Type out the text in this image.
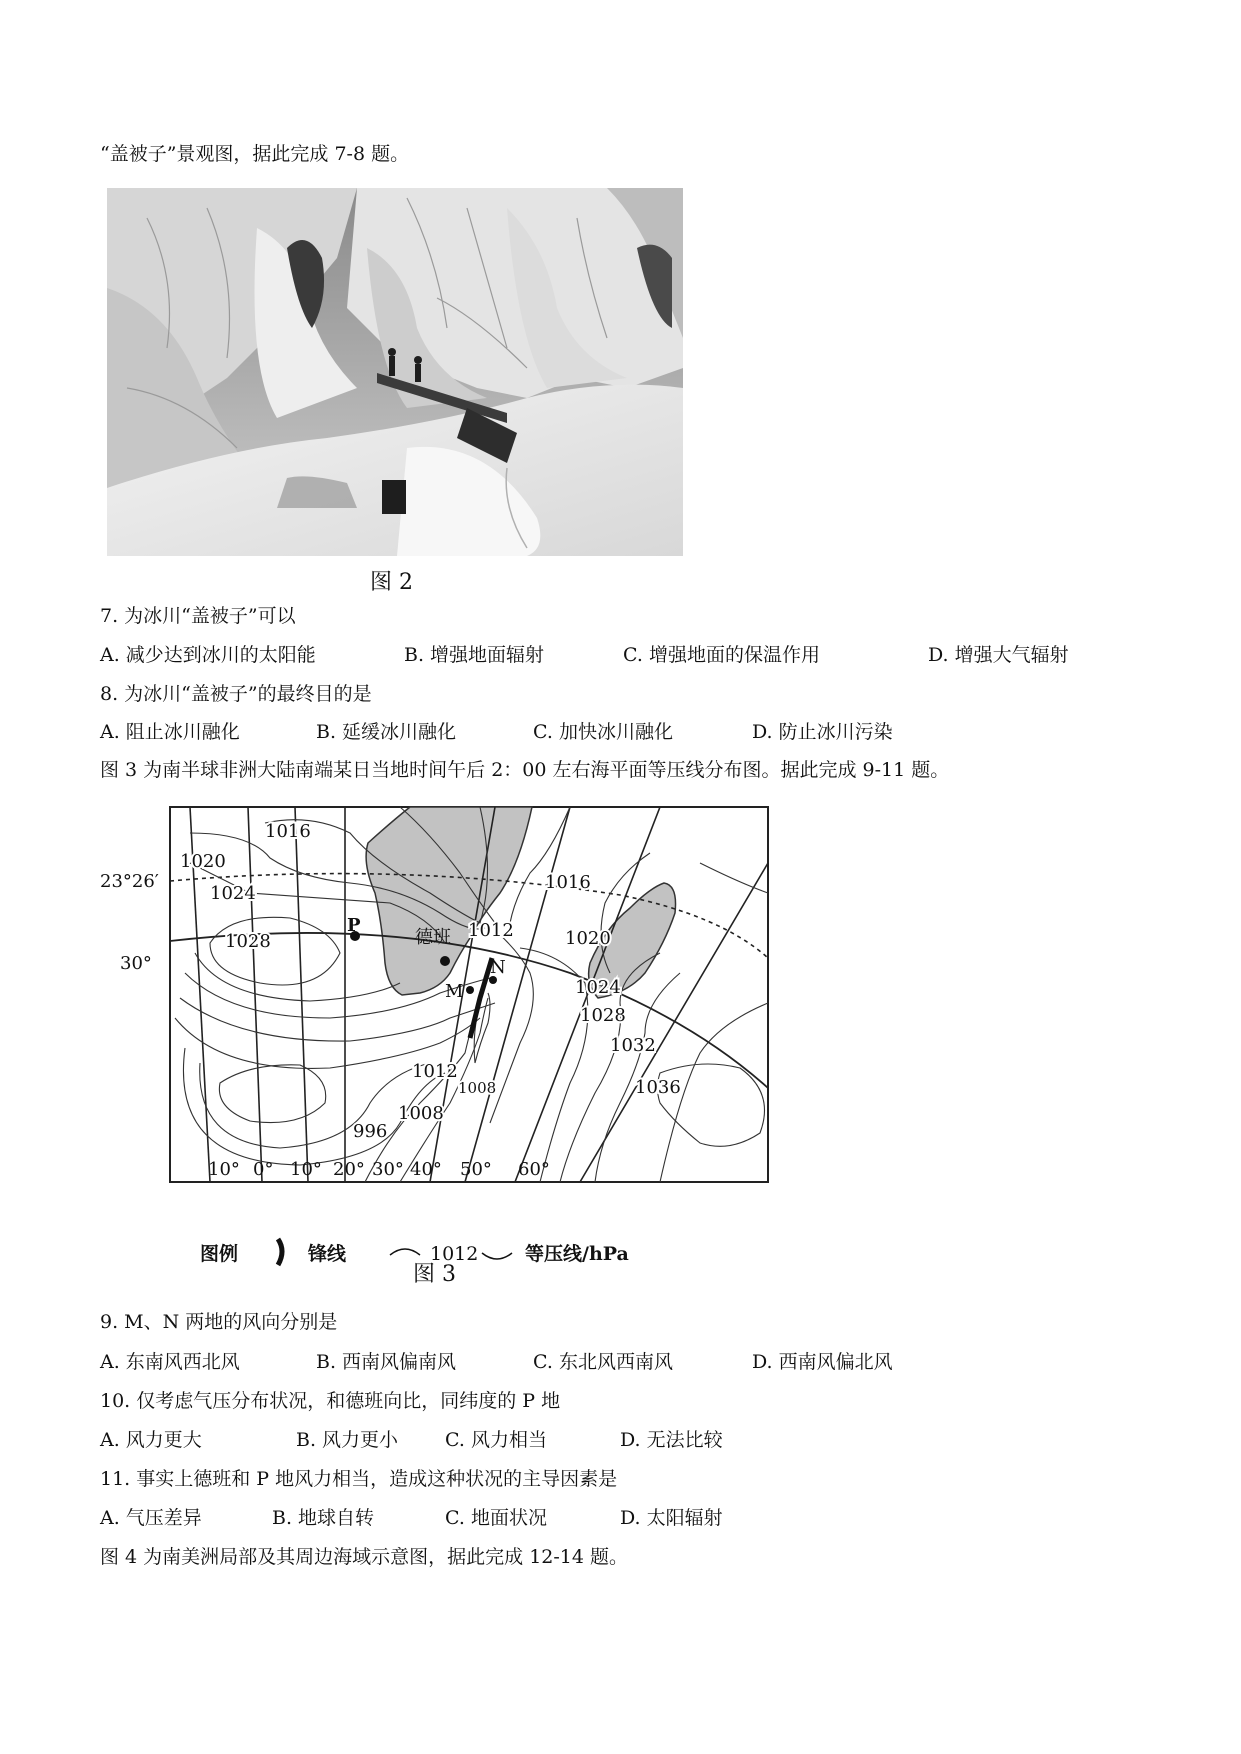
“盖被子”景观图，据此完成 7-8 题。
图 2
7. 为冰川“盖被子”可以
A. 减少达到冰川的太阳能	B. 增强地面辐射	C. 增强地面的保温作用	D. 增强大气辐射
8. 为冰川“盖被子”的最终目的是
A. 阻止冰川融化	B. 延缓冰川融化	C. 加快冰川融化	D. 防止冰川污染
图 3 为南半球非洲大陆南端某日当地时间午后 2：00 左右海平面等压线分布图。据此完成 9-11 题。
P
德班
M
N
23°26′
30°
1016
1020
1024
1028
1012
1016
1020
1024
1028
1032
1036
1012
1008
1008
996
10° 0° 10° 20° 30° 40° 50° 60°
图例	锋线	1012 等压线/hPa
图 3
9. M、N 两地的风向分别是
A. 东南风西北风	B. 西南风偏南风	C. 东北风西南风	D. 西南风偏北风
10. 仅考虑气压分布状况，和德班向比，同纬度的 P 地
A. 风力更大	B. 风力更小 C. 风力相当	D. 无法比较
11. 事实上德班和 P 地风力相当，造成这种状况的主导因素是
A. 气压差异	B. 地球自转	C. 地面状况	D. 太阳辐射
图 4 为南美洲局部及其周边海域示意图，据此完成 12-14 题。
